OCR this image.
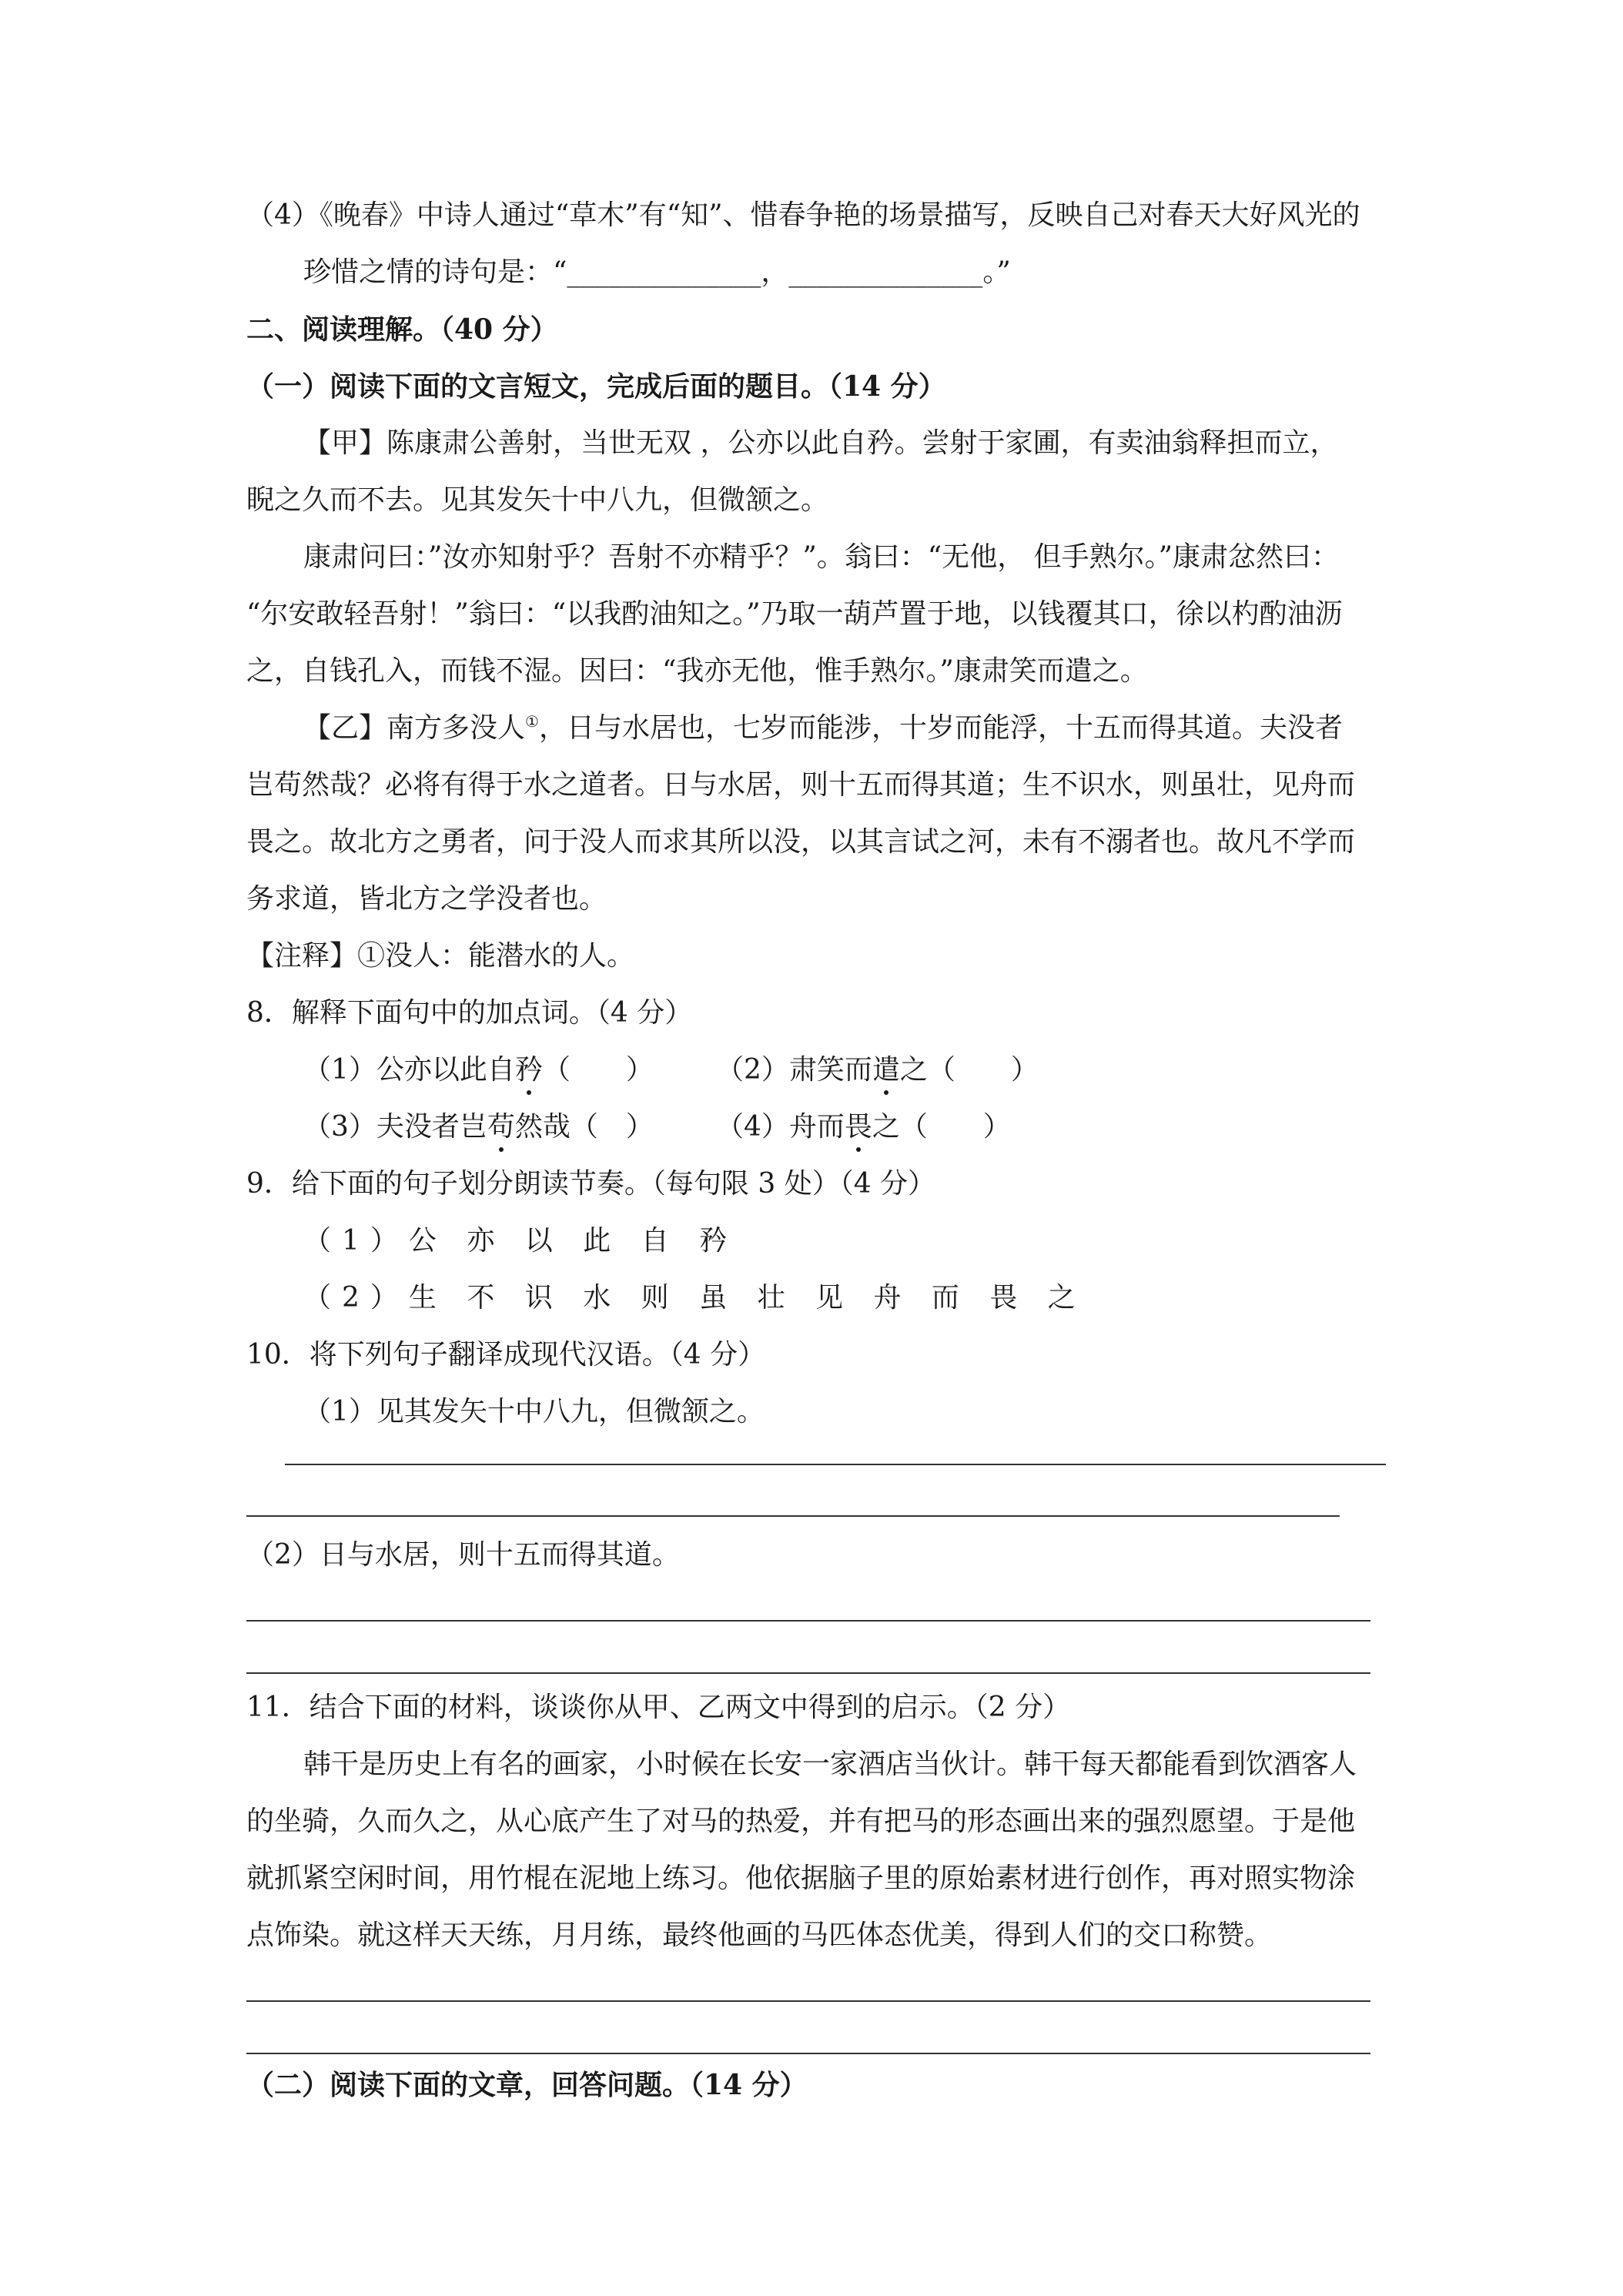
（4）《晚春》中诗人通过“草木”有“知”、惜春争艳的场景描写，反映自己对春天大好风光的
珍惜之情的诗句是：“______________，______________。”
二、阅读理解。（40 分）
（一）阅读下面的文言短文，完成后面的题目。（14 分）
【甲】陈康肃公善射，当世无双 ，公亦以此自矜。尝射于家圃，有卖油翁释担而立，
睨之久而不去。见其发矢十中八九，但微颔之。
康肃问曰：”汝亦知射乎？吾射不亦精乎？”。翁曰：“无他， 但手熟尔。”康肃忿然曰：
“尔安敢轻吾射！”翁曰：“以我酌油知之。”乃取一葫芦置于地，以钱覆其口，徐以杓酌油沥
之，自钱孔入，而钱不湿。因曰：“我亦无他，惟手熟尔。”康肃笑而遣之。
【乙】南方多没人①，日与水居也，七岁而能涉，十岁而能浮，十五而得其道。夫没者
岂苟然哉？必将有得于水之道者。日与水居，则十五而得其道；生不识水，则虽壮，见舟而
畏之。故北方之勇者，问于没人而求其所以没，以其言试之河，未有不溺者也。故凡不学而
务求道，皆北方之学没者也。
【注释】①没人：能潜水的人。
8．解释下面句中的加点词。（4 分）
（1）公亦以此自矜（　　） （2）肃笑而遣之（　　）
（3）夫没者岂苟然哉（　） （4）舟而畏之（　　）
9．给下面的句子划分朗读节奏。（每句限 3 处）（4 分）
（1）公 亦 以 此 自 矜
（2）生 不 识 水 则 虽 壮 见 舟 而 畏 之
10．将下列句子翻译成现代汉语。（4 分）
（1）见其发矢十中八九，但微颔之。
（2）日与水居，则十五而得其道。
11．结合下面的材料，谈谈你从甲、乙两文中得到的启示。（2 分）
韩干是历史上有名的画家，小时候在长安一家酒店当伙计。韩干每天都能看到饮酒客人
的坐骑，久而久之，从心底产生了对马的热爱，并有把马的形态画出来的强烈愿望。于是他
就抓紧空闲时间，用竹棍在泥地上练习。他依据脑子里的原始素材进行创作，再对照实物涂
点饰染。就这样天天练，月月练，最终他画的马匹体态优美，得到人们的交口称赞。
（二）阅读下面的文章，回答问题。（14 分）
